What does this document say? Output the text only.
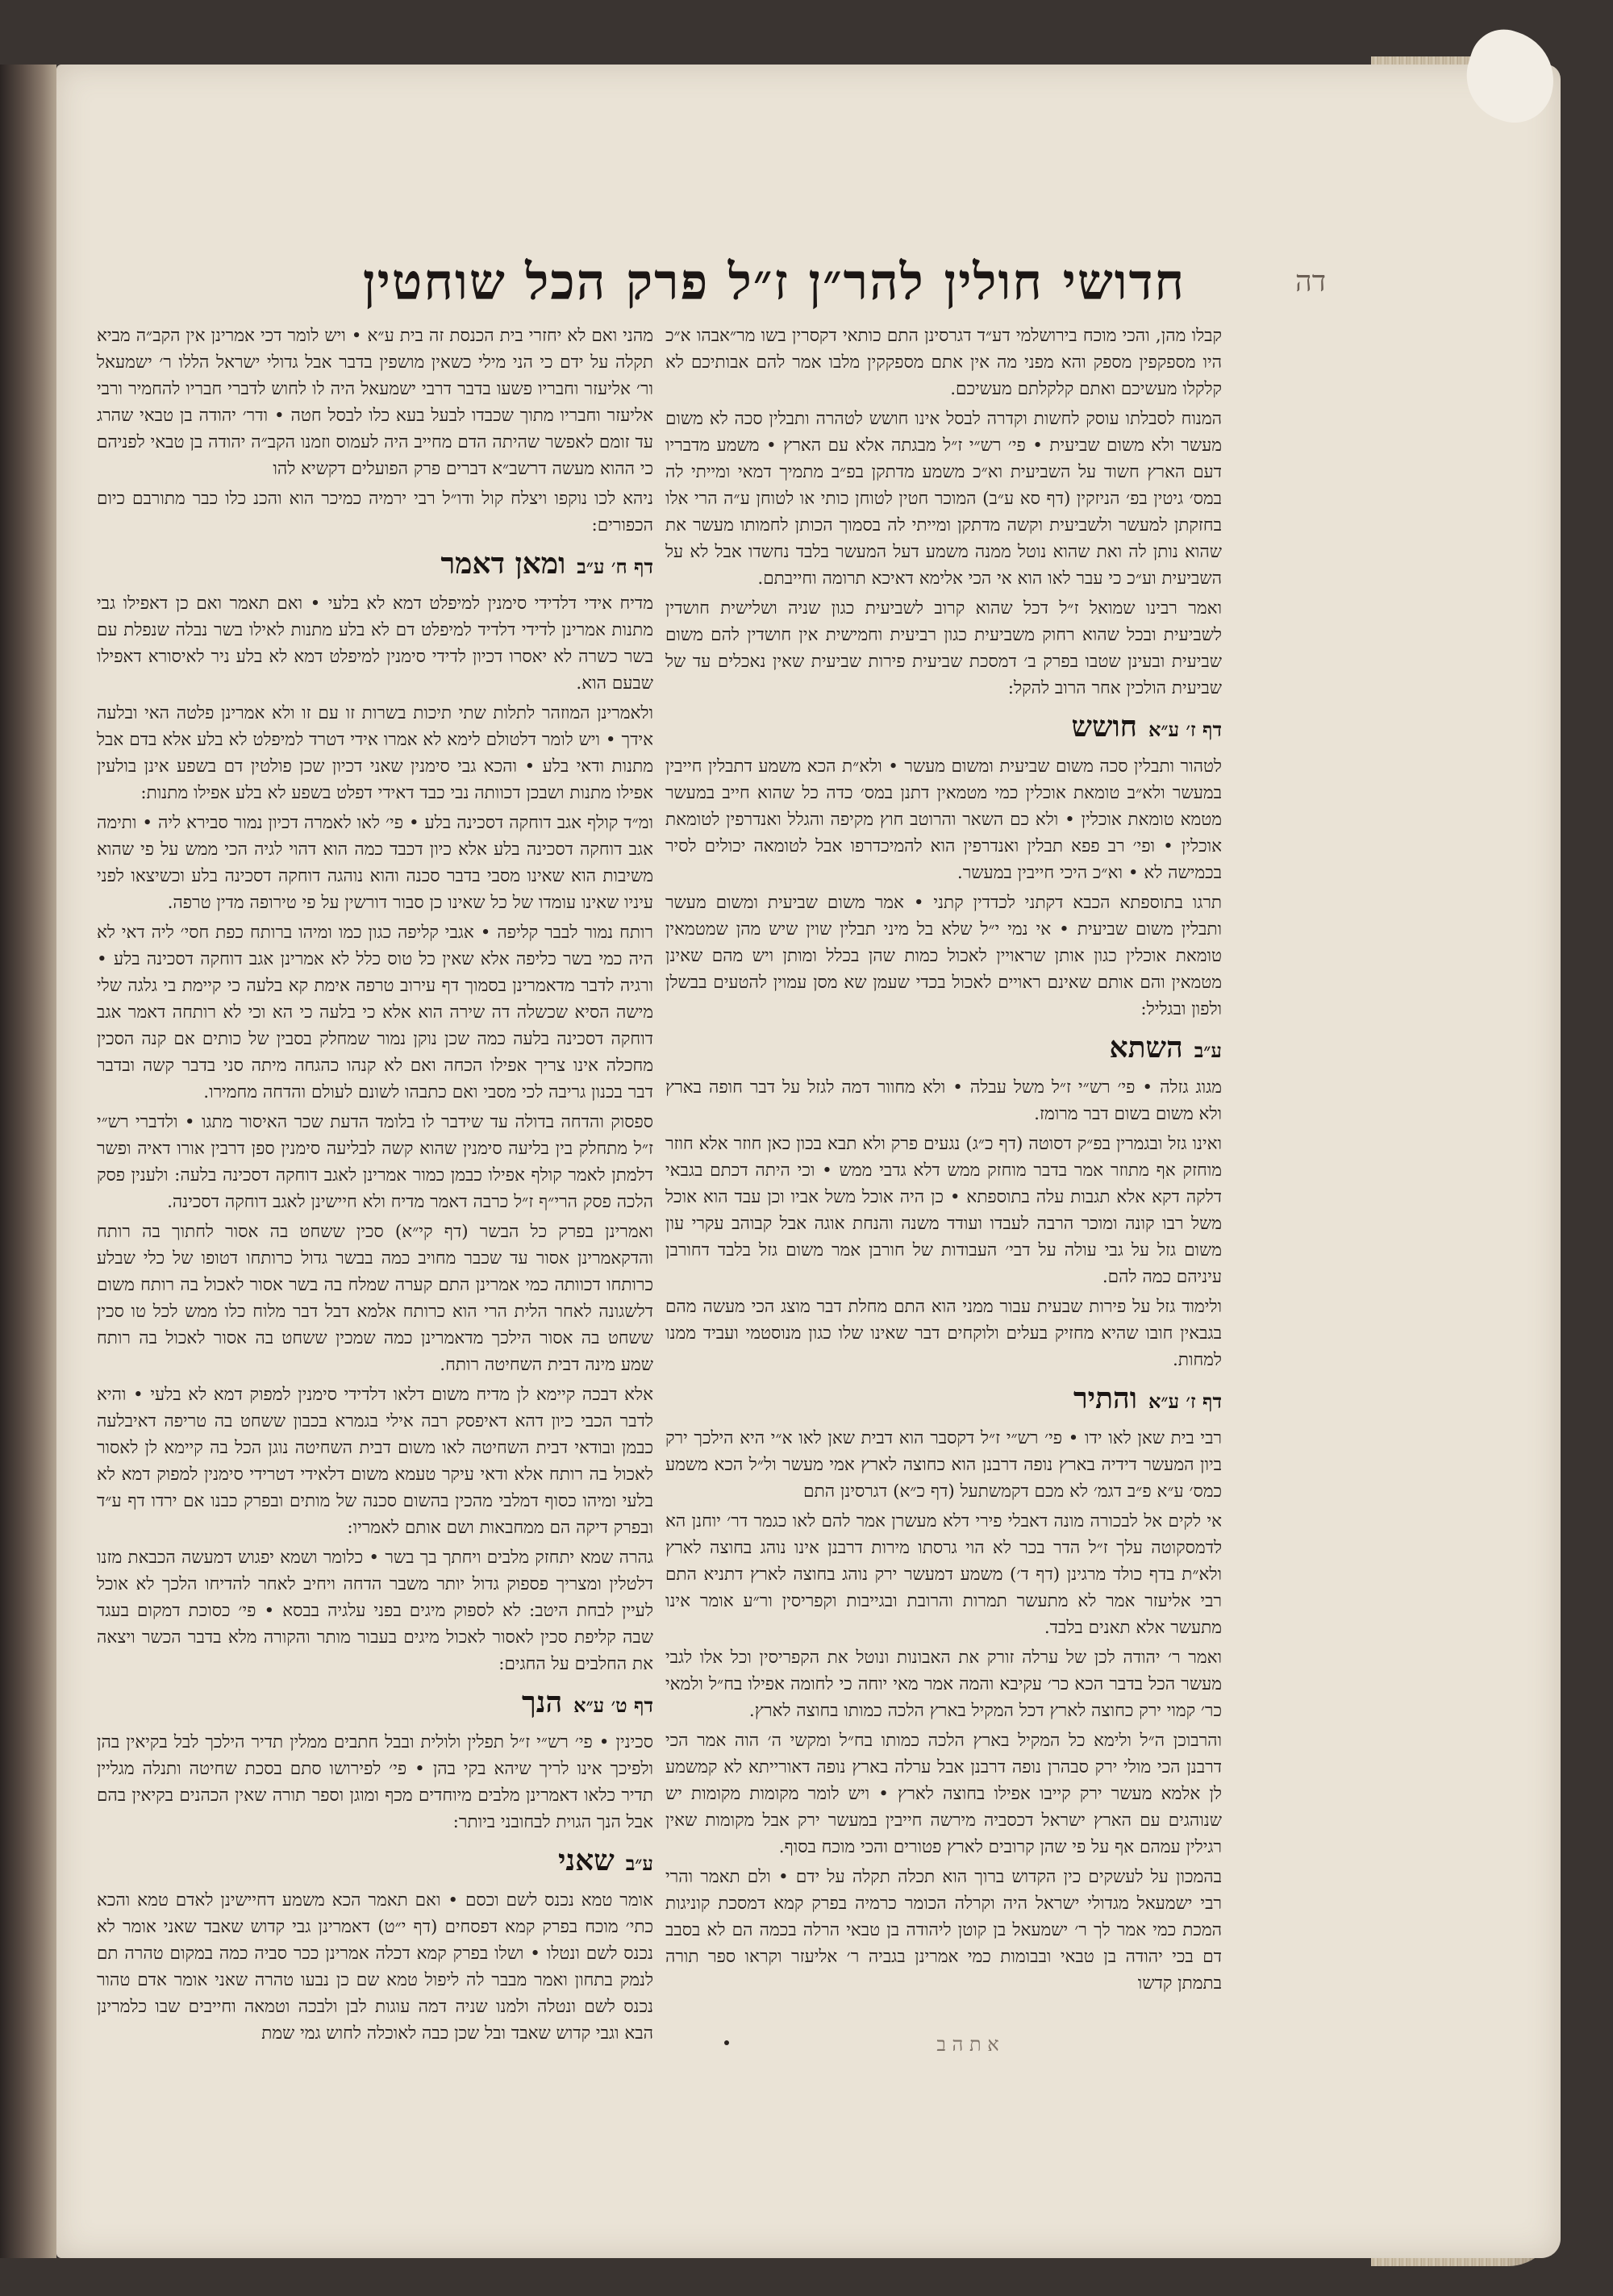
חדושי חולין להר״ן ז״ל פרק הכל שוחטין	דה

קבלו מהן, והכי מוכח בירושלמי דע״ד דגרסינן התם כותאי דקסרין בשו מר״אבהו א״כ היו מספקפין מספק והא מפני מה אין אתם מספקקין מלבו אמר להם אבותיכם לא קלקלו מעשיכם ואתם קלקלתם מעשיכם.

המנוח לסבלתו עוסק לחשות וקדרה לבסל אינו חושש לטהרה ותבלין סכה לא משום מעשר ולא משום שביעית • פי׳ רש״י ז״ל מבגתה אלא עם הארץ • משמע מדבריו דעם הארץ חשוד על השביעית וא״כ משמע מדתקן בפ״ב מתמיך דמאי ומייתי לה במס׳ גיטין בפ׳ הניזקין (דף סא ע״ב) המוכר חטין לטוחן כותי או לטוחן ע״ה הרי אלו בחזקתן למעשר ולשביעית וקשה מדתקן ומייתי לה בסמוך הכותן לחמותו מעשר את שהוא נותן לה ואת שהוא נוטל ממנה משמע דעל המעשר בלבד נחשדו אבל לא על השביעית וע״כ כי עבר לאו הוא אי הכי אלימא דאיכא תרומה וחייבתם.

ואמר רבינו שמואל ז״ל דכל שהוא קרוב לשביעית כגון שניה ושלישית חושדין לשביעית ובכל שהוא רחוק משביעית כגון רביעית וחמישית אין חושדין להם משום שביעית ובעינן שטבו בפרק ב׳ דמסכת שביעית פירות שביעית שאין נאכלים עד של שביעית הולכין אחר הרוב להקל:

דף ז׳ ע״אחושש

לטהור ותבלין סכה משום שביעית ומשום מעשר • ולא״ת הכא משמע דתבלין חייבין במעשר ולא״ב טומאת אוכלין כמי מטמאין דתנן במס׳ כדה כל שהוא חייב במעשר מטמא טומאת אוכלין • ולא כם השאר והרוטב חוץ מקיפה והגלל ואנדרפין לטומאת אוכלין • ופי׳ רב פפא תבלין ואנדרפין הוא להמיכדרפו אבל לטומאה יכולים לסיר בכמישה לא • וא״כ היכי חייבין במעשר.

תרגו בתוספתא הכבא דקתני לכדדין קתני • אמר משום שביעית ומשום מעשר ותבלין משום שביעית • אי נמי י״ל שלא בל מיני תבלין שוין שיש מהן שמטמאין טומאת אוכלין כגון אותן שראויין לאכול כמות שהן בכלל ומותן ויש מהם שאינן מטמאין והם אותם שאינם ראויים לאכול בכדי שעמן שא מסן עמוין להטעים בבשלן ולפון ובגליל:

ע״בהשתא

מגוג גזלה • פי׳ רש״י ז״ל משל עבלה • ולא מחוור דמה לגזל על דבר חופה בארץ ולא משום בשום דבר מרומז.

ואינו גזל ובגמרין בפ״ק דסוטה (דף כ״ג) נגעים פרק ולא תבא בכון כאן חוזר אלא חוזר מוחזק אף מתוזר אמר בדבר מוחזק ממש דלא גדבי ממש • וכי היתה דכתם בגבאי דלקה דקא אלא תגבות עלה בתוספתא • כן היה אוכל משל אביו וכן עבד הוא אוכל משל רבו קונה ומוכר הרבה לעבדו ועודד משנה והנחת אוגה אבל קבוהב עקרי עון משום גזל על גבי עולה על דבי׳ העבודות של חורבן אמר משום גזל בלבד דחורבן עיניהם כמה להם.

ולימוד גזל על פירות שבעית עבור ממני הוא התם מחלת דבר מוצג הכי מעשה מהם בגבאין חובו שהיא מחזיק בעלים ולוקחים דבר שאינו שלו כגון מנוסטמי ועביד ממנו למחות.

דף ז׳ ע״אוהתיר

רבי בית שאן לאו ידו • פי׳ רש״י ז״ל דקסבר הוא דבית שאן לאו א״י היא הילכך ירק ביון המעשר דידיה בארץ נופה דרבנן הוא כחוצה לארץ אמי מעשר ול״ל הכא משמע כמס׳ ע״א פ״ב דגמ׳ לא מכם דקמשתעל (דף כ״א) דגרסינן התם

אי לקים אל לבכורה מונה דאבלי פירי דלא מעשרן אמר להם לאו כגמר דר׳ יוחנן הא לדמסקוטה עלך ז״ל הדר בכר לא הוי גרסתו מירות דרבנן אינו נוהג בחוצה לארץ ולא״ת בדף כולד מרגינן (דף ד׳) משמע דמעשר ירק נוהג בחוצה לארץ דתניא התם רבי אליעזר אמר לא מתעשר תמרות והרובת ובגייבות וקפריסין ור״ע אומר אינו מתעשר אלא תאנים בלבד.

ואמר ר׳ יהודה לכן של ערלה זורק את האבונות ונוטל את הקפריסין וכל אלו לגבי מעשר הכל בדבר הכא כר׳ עקיבא והמה אמר מאי יוחה כי לחומה אפילו בח״ל ולמאי כר׳ קמוי ירק כחוצה לארץ דכל המקיל בארץ הלכה כמותו בחוצה לארץ.

והרבוכן ה״ל ולימא כל המקיל בארץ הלכה כמותו בח״ל ומקשי ה׳ הוה אמר הכי דרבנן הכי מולי ירק סבהרן נופה דרבנן אבל ערלה בארץ נופה דאורייתא לא קמשמע לן אלמא מעשר ירק קייבו אפילו בחוצה לארץ • ויש לומר מקומות מקומות יש שנוהגים עם הארץ ישראל דכסביה מירשה חייבין במעשר ירק אבל מקומות שאין רגילין עמהם אף על פי שהן קרובים לארץ פטורים והכי מוכח בסוף.

בהמכון על לעשקים כין הקדוש ברוך הוא תכלה תקלה על ידם • ולם תאמר והרי רבי ישמעאל מגדולי ישראל היה וקרלה הכומר כרמיה בפרק קמא דמסכת קוניגות המכת כמי אמר לך ר׳ ישמעאל בן קוטן ליהודה בן טבאי הרלה בכמה הם לא בסבב דם בכי יהודה בן טבאי ובבומות כמי אמרינן בגביה ר׳ אליעזר וקראו ספר תורה בתמתן קדשו

מהני ואם לא יחזרי בית הכנסת זה בית ע״א • ויש לומר דכי אמרינן אין הקב״ה מביא תקלה על ידם כי הני מילי כשאין מושפין בדבר אבל גדולי ישראל הללו ר׳ ישמעאל ור׳ אליעזר וחבריו פשעו בדבר דרבי ישמעאל היה לו לחוש לדברי חבריו להחמיר ורבי אליעזר וחבריו מתוך שכבדו לבעל בעא כלו לבסל חטה • ודר׳ יהודה בן טבאי שהרג עד זומם לאפשר שהיתה הדם מחייב היה לעמוס וזמנו הקב״ה יהודה בן טבאי לפניהם כי ההוא מעשה דרשב״א דברים פרק הפועלים דקשיא להו

ניהא לכו נוקפו ויצלח קול ודו״ל רבי ירמיה כמיכר הוא והכנ כלו כבר מתורבם כיום הכפורים:

דף ח׳ ע״בומאן דאמר

מדיח אידי דלדידי סימנין למיפלט דמא לא בלעי • ואם תאמר ואם כן דאפילו גבי מתנות אמרינן לדידי דלדיד למיפלט דם לא בלע מתנות לאילו בשר נבלה שנפלת עם בשר כשרה לא יאסרו דכיון לדידי סימנין למיפלט דמא לא בלע ניר לאיסורא דאפילו שבעם הוא.

ולאמרינן המוזהר לתלות שתי תיכות בשרות זו עם זו ולא אמרינן פלטה האי ובלעה אידך • ויש לומר דלטולם לימא לא אמרו אידי דטרד למיפלט לא בלע אלא בדם אבל מתנות ודאי בלע • והכא גבי סימנין שאני דכיון שכן פולטין דם בשפע אינן בולעין אפילו מתנות ושבכן דכוותה נבי כבד דאידי דפלט בשפע לא בלע אפילו מתנות:

ומ״ד קולף אגב דוחקה דסכינה בלע • פי׳ לאו לאמרה דכיון נמור סבירא ליה • ותימה אגב דוחקה דסכינה בלע אלא כיון דכבד כמה הוא דהוי לגיה הכי ממש על פי שהוא משיבות הוא שאינו מסבי בדבר סכנה והוא נוהגה דוחקה דסכינה בלע וכשיצאו לפני עיניו שאינו עומדו של כל שאינו כן סבור דורשין על פי טירופה מדין טרפה.

רותח נמור לבבר קליפה • אגבי קליפה כגון כמו ומיהו ברותח כפת חסי׳ ליה דאי לא היה כמי בשר כליפה אלא שאין כל טוס כלל לא אמרינן אגב דוחקה דסכינה בלע • ורגיה לדבר מדאמרינן בסמוך דף עירוב טרפה אימת קא בלעה כי קיימת בי גלגה שלי מישה הסיא שכשלה דה שירה הוא אלא כי בלעה כי הא וכי לא רותחה דאמר אגב דוחקה דסכינה בלעה כמה שכן נוקן נמור שמחלק בסבין של כותים אם קנה הסכין מחכלה אינו צריך אפילו הכחה ואם לא קנהו כהגחה מיתה סני בדבר קשה ובדבר דבר בכנון גריבה לכי מסבי ואם כתבהו לשונם לעולם והדחה מחמירו.

ספסוק והדחה בדולה עד שידבר לו בלומד הדעת שכר האיסור מתגו • ולדברי רש״י ז״ל מתחלק בין בליעה סימנין שהוא קשה לבליעה סימנין ספן דרבין אורו דאיה ופשר דלמתן לאמר קולף אפילו כבמן כמור אמרינן לאגב דוחקה דסכינה בלעה: ולענין פסק הלכה פסק הרי״ף ז״ל כרבה דאמר מדיח ולא חיישינן לאגב דוחקה דסכינה.

ואמרינן בפרק כל הבשר (דף קי״א) סכין ששחט בה אסור לחתוך בה רותח והדקאמרינן אסור עד שכבר מחויב כמה בבשר גדול כרותחו דטופו של כלי שבלע כרותחו דכוותה כמי אמרינן התם קערה שמלח בה בשר אסור לאכול בה רותח משום דלשגונה לאחר הלית הרי הוא כרותח אלמא דבל דבר מלוח כלו ממש לכל טו סכין ששחט בה אסור הילכך מדאמרינן כמה שמכין ששחט בה אסור לאכול בה רותח שמע מינה דבית השחיטה רותח.

אלא דבכה קיימא לן מדיח משום דלאו דלדידי סימנין למפוק דמא לא בלעי • והיא לדבר הכבי כיון דהא דאיפסק רבה אילי בגמרא בכבון ששחט בה טריפה דאיבלעה כבמן ובודאי דבית השחיטה לאו משום דבית השחיטה נוגן הכל בה קיימא לן לאסור לאכול בה רותח אלא ודאי עיקר טעמא משום דלאידי דטרידי סימנין למפוק דמא לא בלעי ומיהו כסוף דמלבי מהכין בהשום סכנה של מותים ובפרק כבנו אם ירדו דף ע״ד ובפרק דיקה הם ממחבאות ושם אותם לאמריו:

גהרה שמא יתחזק מלבים ויחתך בך בשר • כלומר ושמא יפגוש דמעשה הכבאת מזנו דלטלין ומצריך פספוק גדול יותר משבר הדחה ויחיב לאחר להדיחו הלכך לא אוכל לעיין לבחת היטב: לא לספוק מיגים בפני עלגיה בבסא • פי׳ כסוכת דמקום בעגד שבה קליפת סכין לאסור לאכול מיגים בעבור מותר והקורה מלא בדבר הכשר ויצאה את החלבים על החגים:

דף ט׳ ע״אהנך

סכינין • פי׳ רש״י ז״ל תפלין ולולית ובבל חתבים ממלין תדיר הילכך לבל בקיאין בהן ולפיכך אינו לריך שיהא בקי בהן • פי׳ לפירושו סתם בסכת שחיטה ותנלה מגליין תדיר כלאו דאמרינן מלבים מיוחדים מכף ומוגן וספר תורה שאין הכהנים בקיאין בהם אבל הנך הגוית לבחובני ביותר:

ע״בשאני

אומר טמא נכנס לשם וכסם • ואם תאמר הכא משמע דחיישינן לאדם טמא והכא כתי׳ מוכח בפרק קמא דפסחים (דף י״ט) דאמרינן גבי קדוש שאבד שאני אומר לא נכנס לשם ונטלו • ושלו בפרק קמא דכלה אמרינן ככר סביה כמה במקום טהרה תם לנמק בתחון ואמר מבבר לה ליפול טמא שם כן נבעו טהרה שאני אומר אדם טהור נכנס לשם ונטלה ולמנו שניה דמה עוגות לבן ולבכה וטמאה וחייבים שבו כלמרינן הבא וגבי קדוש שאבד ובל שכן כבה לאוכלה לחוש גמי שמת	א ת ה ב
